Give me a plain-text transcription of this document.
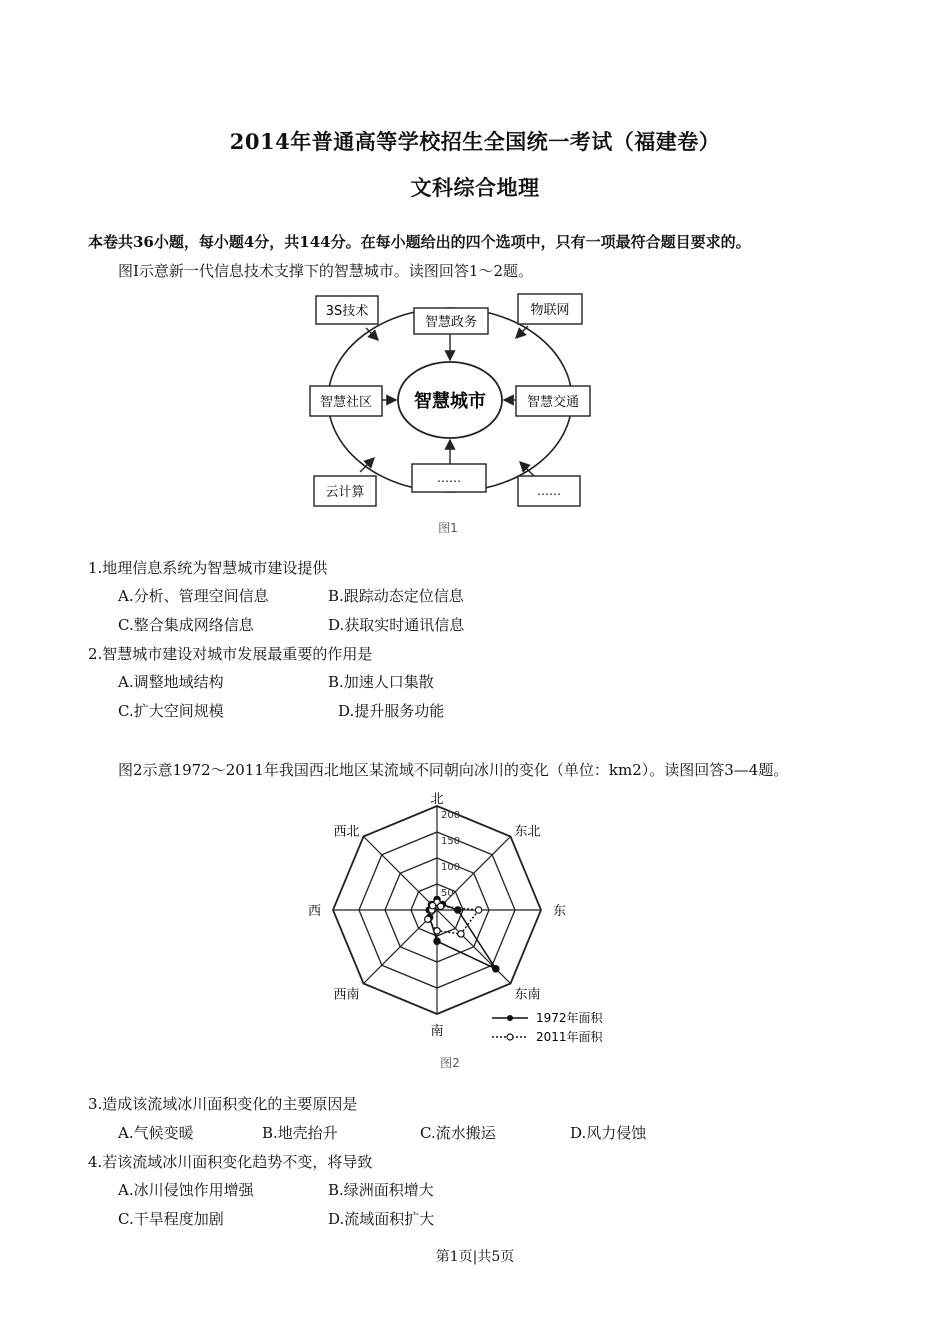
2014年普通高等学校招生全国统一考试（福建卷）
文科综合地理
本卷共36小题，每小题4分，共144分。在每小题给出的四个选项中，只有一项最符合题目要求的。
图Ⅰ示意新一代信息技术支撑下的智慧城市。读图回答1～2题。
智慧城市
3S技术
智慧政务
物联网
智慧社区	智慧交通
云计算
……
……
图1
1.地理信息系统为智慧城市建设提供
A.分析、管理空间信息	B.跟踪动态定位信息
C.整合集成网络信息	D.获取实时通讯信息
2.智慧城市建设对城市发展最重要的作用是
A.调整地域结构	B.加速人口集散
C.扩大空间规模	D.提升服务功能
图2示意1972～2011年我国西北地区某流域不同朝向冰川的变化（单位：km2）。读图回答3—4题。
50
100
150
200
北
东北
东
东南
南
西南
西
西北
1972年面积
2011年面积
图2
3.造成该流域冰川面积变化的主要原因是
A.气候变暖	B.地壳抬升	C.流水搬运	D.风力侵蚀
4.若该流域冰川面积变化趋势不变，将导致
A.冰川侵蚀作用增强	B.绿洲面积增大
C.干旱程度加剧	D.流域面积扩大
第1页|共5页
